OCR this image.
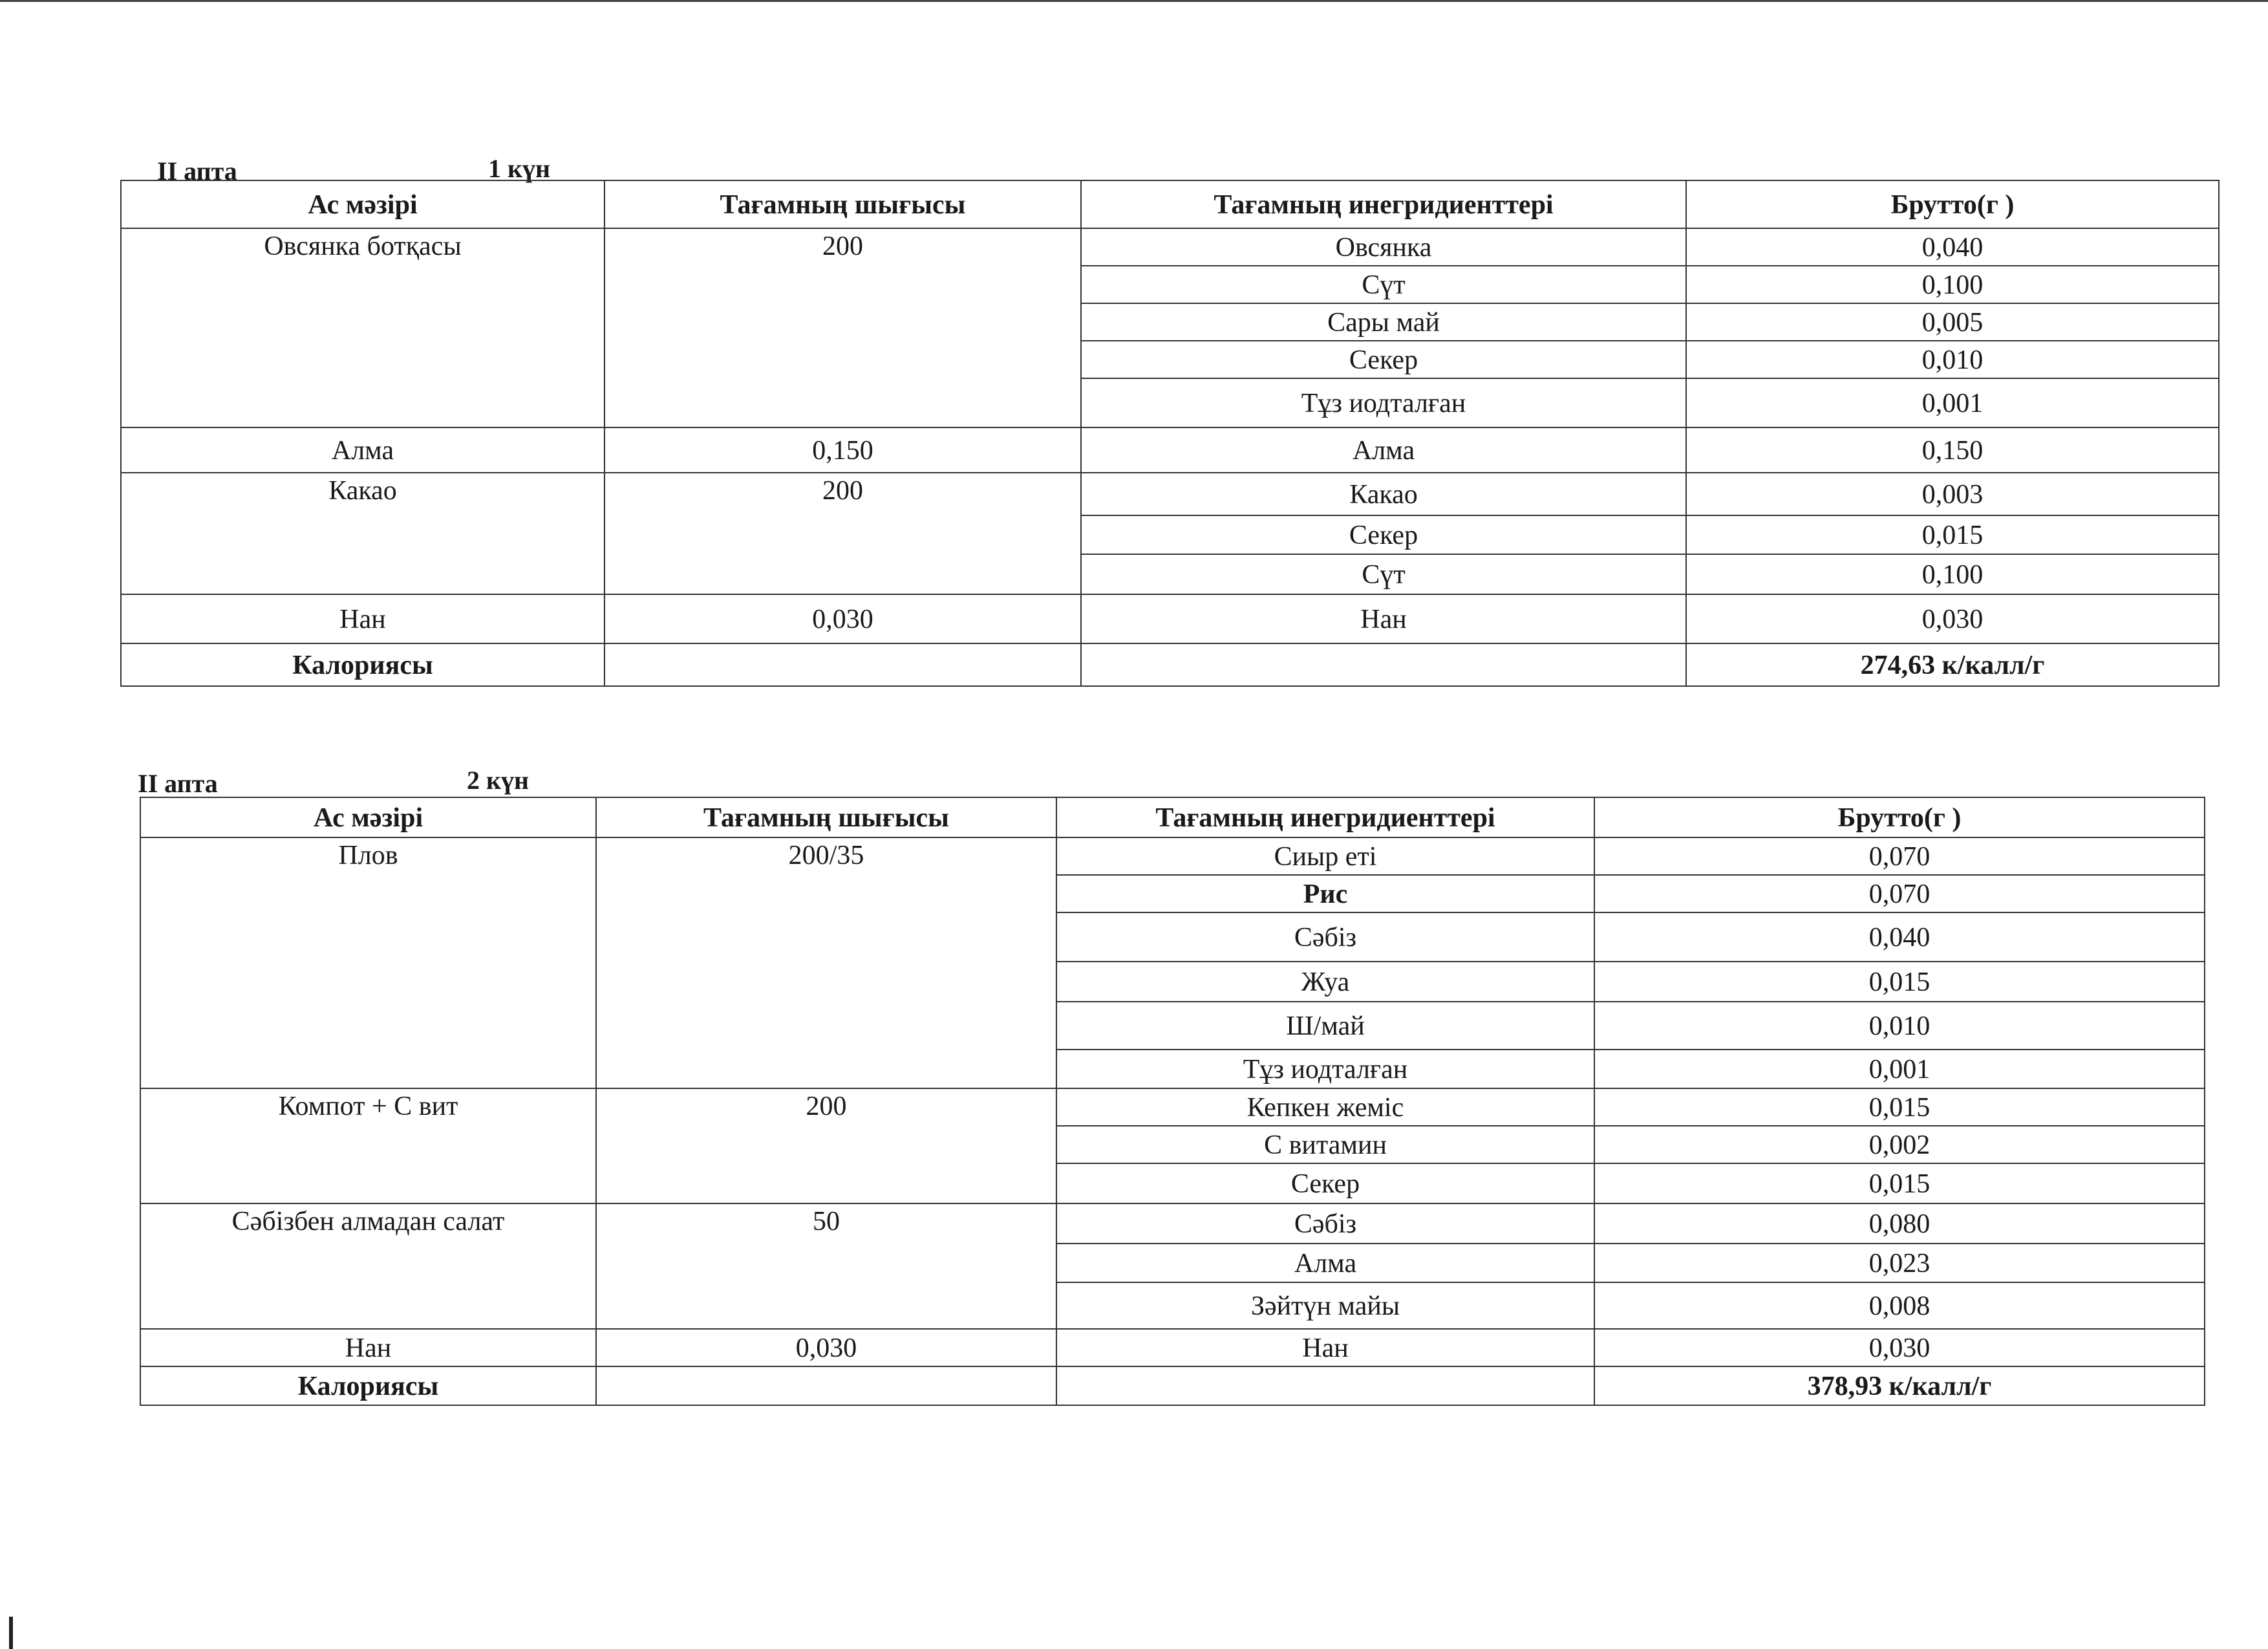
II апта	1 күн
Ас мәзірі	Тағамның шығысы	Тағамның инегридиенттері	Брутто(г )
Овсянка ботқасы	200	Овсянка	0,040
		Сүт	0,100
		Сары май	0,005
		Секер	0,010
		Тұз иодталған	0,001
Алма	0,150	Алма	0,150
Какао	200	Какао	0,003
		Секер	0,015
		Сүт	0,100
Нан	0,030	Нан	0,030
Калориясы			274,63 к/калл/г
II апта	2 күн
Ас мәзірі	Тағамның шығысы	Тағамның инегридиенттері	Брутто(г )
Плов	200/35	Сиыр еті	0,070
		Рис	0,070
		Сәбіз	0,040
		Жуа	0,015
		Ш/май	0,010
		Тұз иодталған	0,001
Компот + С вит	200	Кепкен жеміс	0,015
		С витамин	0,002
		Секер	0,015
Сәбізбен алмадан салат	50	Сәбіз	0,080
		Алма	0,023
		Зәйтүн майы	0,008
Нан	0,030	Нан	0,030
Калориясы			378,93 к/калл/г
